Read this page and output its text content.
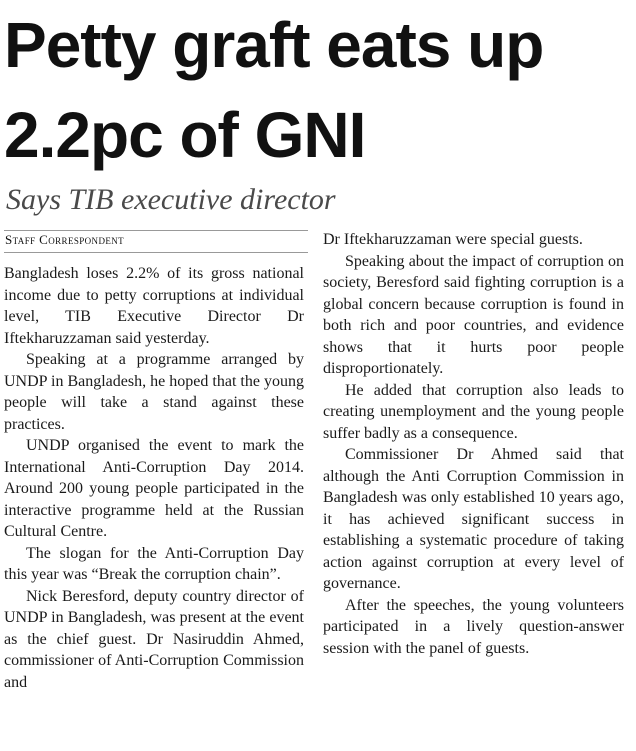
Petty graft eats up
2.2pc of GNI
Says TIB executive director
Staff Correspondent

Bangladesh loses 2.2% of its gross national income due to petty corruptions at individual level, TIB Executive Director Dr Iftekharuzzaman said yesterday.

Speaking at a programme arranged by UNDP in Bangladesh, he hoped that the young people will take a stand against these practices.

UNDP organised the event to mark the International Anti-Corruption Day 2014. Around 200 young people participated in the interactive programme held at the Russian Cultural Centre.

The slogan for the Anti-Corruption Day this year was “Break the corruption chain”.

Nick Beresford, deputy country director of UNDP in Bangladesh, was present at the event as the chief guest. Dr Nasiruddin Ahmed, commissioner of Anti-Corruption Commission and

Dr Iftekharuzzaman were special guests.

Speaking about the impact of corruption on society, Beresford said fighting corruption is a global concern because corruption is found in both rich and poor countries, and evidence shows that it hurts poor people disproportionately.

He added that corruption also leads to creating unemployment and the young people suffer badly as a consequence.

Commissioner Dr Ahmed said that although the Anti Corruption Commission in Bangladesh was only established 10 years ago, it has achieved significant success in establishing a systematic procedure of taking action against corruption at every level of governance.

After the speeches, the young volunteers participated in a lively question-answer session with the panel of guests.
